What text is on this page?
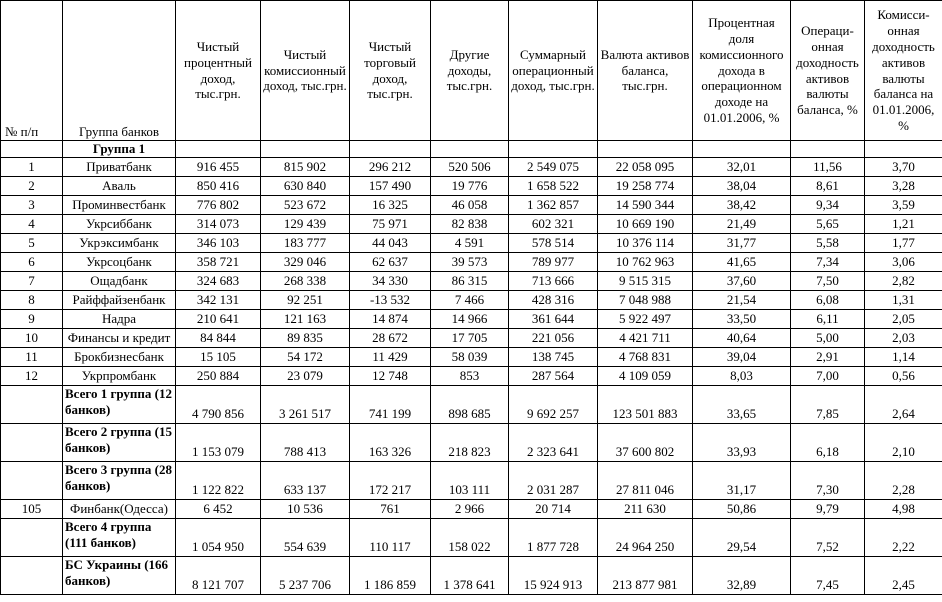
№ п/п	Группа банков	Чистый процентный доход, тыс.грн.	Чистый комиссионный доход, тыс.грн.	Чистый торговый доход, тыс.грн.	Другие доходы, тыс.грн.	Суммарный операционный доход, тыс.грн.	Валюта активов баланса, тыс.грн.	Процентная доля комиссионного дохода в операционном доходе на 01.01.2006, %	Операци-онная доходность активов валюты баланса, %	Комисси-онная доходность активов валюты баланса на 01.01.2006, %
	Группа 1									
1	Приватбанк	916 455	815 902	296 212	520 506	2 549 075	22 058 095	32,01	11,56	3,70
2	Аваль	850 416	630 840	157 490	19 776	1 658 522	19 258 774	38,04	8,61	3,28
3	Проминвестбанк	776 802	523 672	16 325	46 058	1 362 857	14 590 344	38,42	9,34	3,59
4	Укрсиббанк	314 073	129 439	75 971	82 838	602 321	10 669 190	21,49	5,65	1,21
5	Укрэксимбанк	346 103	183 777	44 043	4 591	578 514	10 376 114	31,77	5,58	1,77
6	Укрсоцбанк	358 721	329 046	62 637	39 573	789 977	10 762 963	41,65	7,34	3,06
7	Ощадбанк	324 683	268 338	34 330	86 315	713 666	9 515 315	37,60	7,50	2,82
8	Райффайзенбанк	342 131	92 251	-13 532	7 466	428 316	7 048 988	21,54	6,08	1,31
9	Надра	210 641	121 163	14 874	14 966	361 644	5 922 497	33,50	6,11	2,05
10	Финансы и кредит	84 844	89 835	28 672	17 705	221 056	4 421 711	40,64	5,00	2,03
11	Брокбизнесбанк	15 105	54 172	11 429	58 039	138 745	4 768 831	39,04	2,91	1,14
12	Укрпромбанк	250 884	23 079	12 748	853	287 564	4 109 059	8,03	7,00	0,56
	Всего 1 группа (12 банков)	4 790 856	3 261 517	741 199	898 685	9 692 257	123 501 883	33,65	7,85	2,64
	Всего 2 группа (15 банков)	1 153 079	788 413	163 326	218 823	2 323 641	37 600 802	33,93	6,18	2,10
	Всего 3 группа (28 банков)	1 122 822	633 137	172 217	103 111	2 031 287	27 811 046	31,17	7,30	2,28
105	Финбанк(Одесса)	6 452	10 536	761	2 966	20 714	211 630	50,86	9,79	4,98
	Всего 4 группа (111 банков)	1 054 950	554 639	110 117	158 022	1 877 728	24 964 250	29,54	7,52	2,22
	БС Украины (166 банков)	8 121 707	5 237 706	1 186 859	1 378 641	15 924 913	213 877 981	32,89	7,45	2,45
